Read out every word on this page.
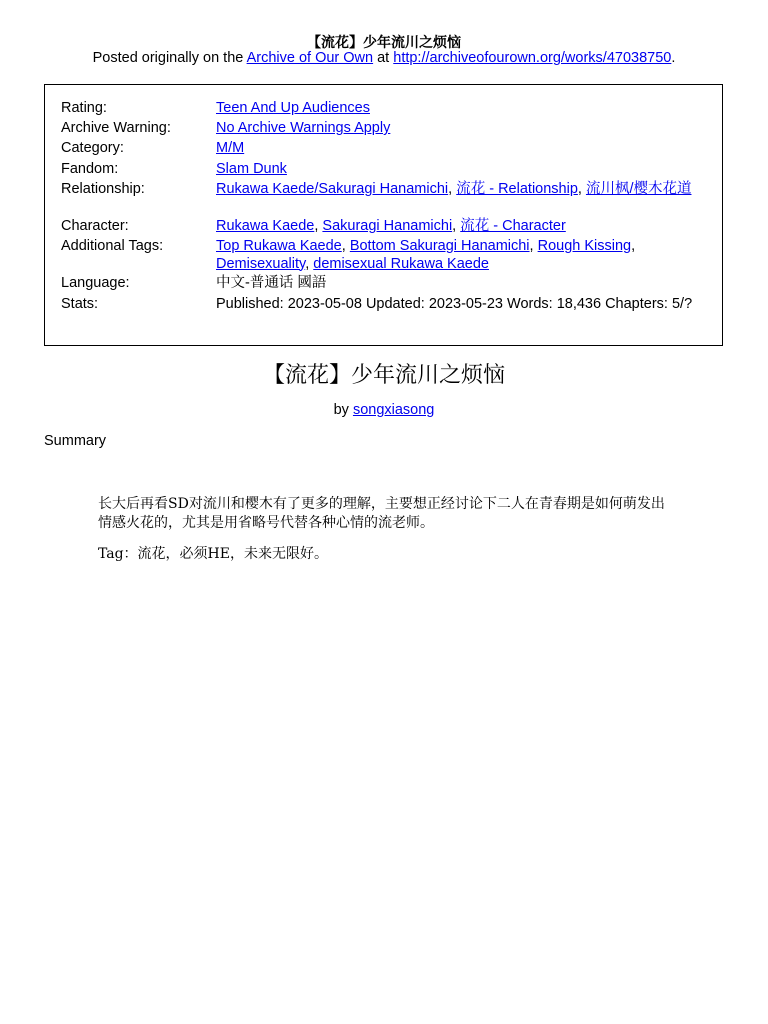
【流花】少年流川之烦恼
Posted originally on the Archive of Our Own at http://archiveofourown.org/works/47038750.
Rating:	Teen And Up Audiences
Archive Warning:	No Archive Warnings Apply
Category:	M/M
Fandom:	Slam Dunk
Relationship:	Rukawa Kaede/Sakuragi Hanamichi, 流花 - Relationship, 流川枫/樱木花道
Character:	Rukawa Kaede, Sakuragi Hanamichi, 流花 - Character
Additional Tags:	Top Rukawa Kaede, Bottom Sakuragi Hanamichi, Rough Kissing, Demisexuality, demisexual Rukawa Kaede
Language:	中文-普通话 國語
Stats:	Published: 2023-05-08 Updated: 2023-05-23 Words: 18,436 Chapters: 5/?
【流花】少年流川之烦恼
by songxiasong
Summary

长大后再看SD对流川和樱木有了更多的理解，主要想正经讨论下二人在青春期是如何萌发出情感火花的，尤其是用省略号代替各种心情的流老师。

Tag：流花，必须HE，未来无限好。
